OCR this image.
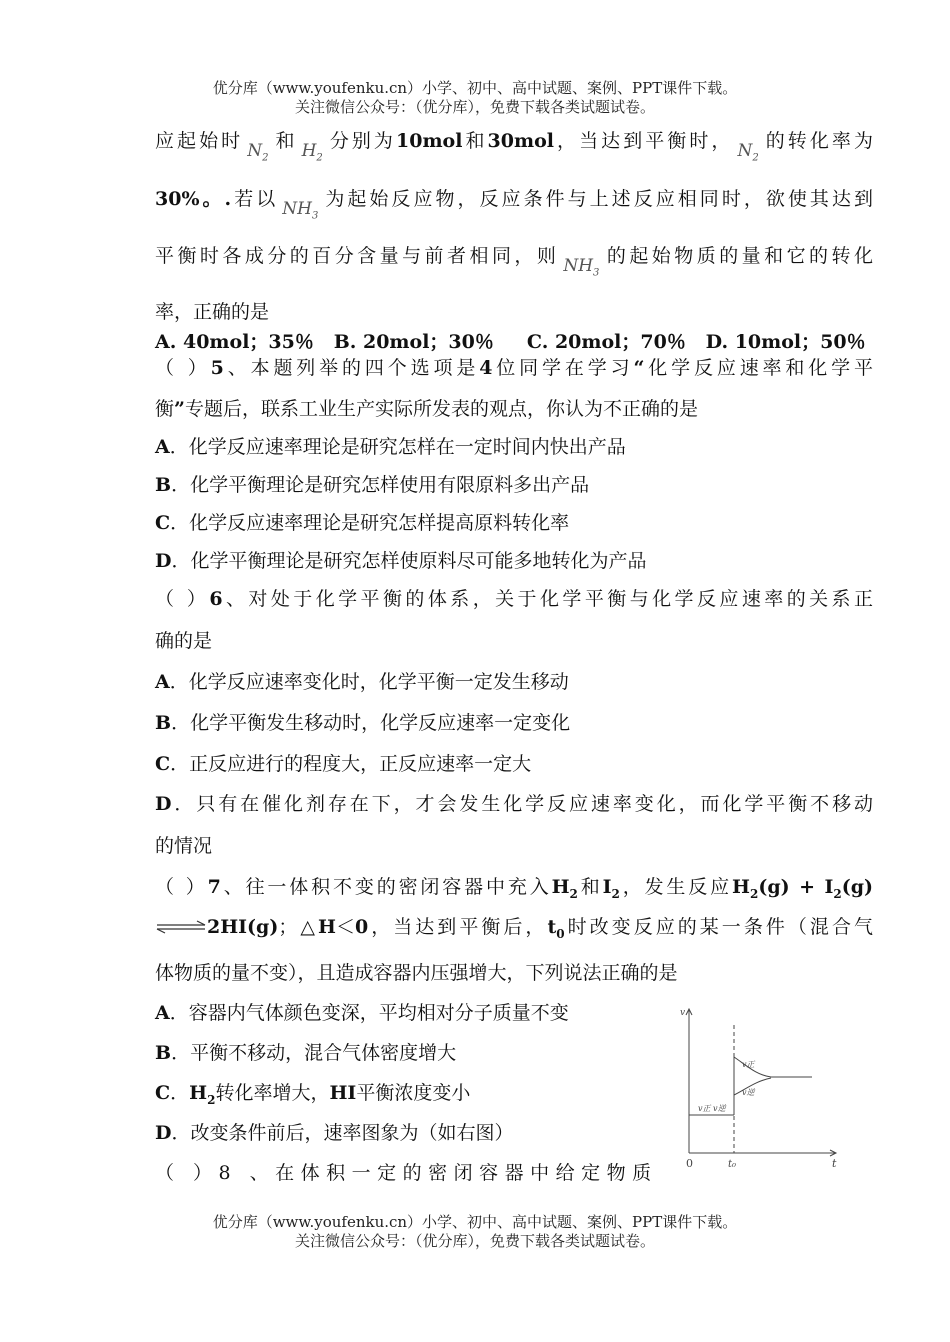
优分库（www.youfenku.cn）小学、初中、高中试题、案例、PPT课件下载。
关注微信公众号：（优分库），免费下载各类试题试卷。
应起始时 $N_2$和 $H_2$分别为10mol和30mol，当达到平衡时， $N_2$的转化率为
30%。.若以 $NH_3$为起始反应物，反应条件与上述反应相同时，欲使其达到
平衡时各成分的百分含量与前者相同，则 $NH_3$的起始物质的量和它的转化
率，正确的是
A. 40mol；35％   B. 20mol；30％     C. 20mol；70％   D. 10mol；50％
（ ）5、本题列举的四个选项是4位同学在学习“化学反应速率和化学平
衡”专题后，联系工业生产实际所发表的观点，你认为不正确的是
A．化学反应速率理论是研究怎样在一定时间内快出产品
B．化学平衡理论是研究怎样使用有限原料多出产品
C．化学反应速率理论是研究怎样提高原料转化率
D．化学平衡理论是研究怎样使原料尽可能多地转化为产品
（ ）6、对处于化学平衡的体系，关于化学平衡与化学反应速率的关系正
确的是
A．化学反应速率变化时，化学平衡一定发生移动
B．化学平衡发生移动时，化学反应速率一定变化
C．正反应进行的程度大，正反应速率一定大
D．只有在催化剂存在下，才会发生化学反应速率变化，而化学平衡不移动
的情况
（ ）7、往一体积不变的密闭容器中充入$H_2$和$I_2$，发生反应$H_2(g) + I_2(g)$
⇌2HI(g)；△H＜0，当达到平衡后，$t_0$时改变反应的某一条件（混合气
体物质的量不变），且造成容器内压强增大，下列说法正确的是
A．容器内气体颜色变深，平均相对分子质量不变
B．平衡不移动，混合气体密度增大
C．$H_2$转化率增大，HI平衡浓度变小
D．改变条件前后，速率图象为（如右图）
（ ）8 、在体积一定的密闭容器中给定物质
v
t
0	t₀
v正
v逆
v正 v逆
优分库（www.youfenku.cn）小学、初中、高中试题、案例、PPT课件下载。
关注微信公众号：（优分库），免费下载各类试题试卷。
